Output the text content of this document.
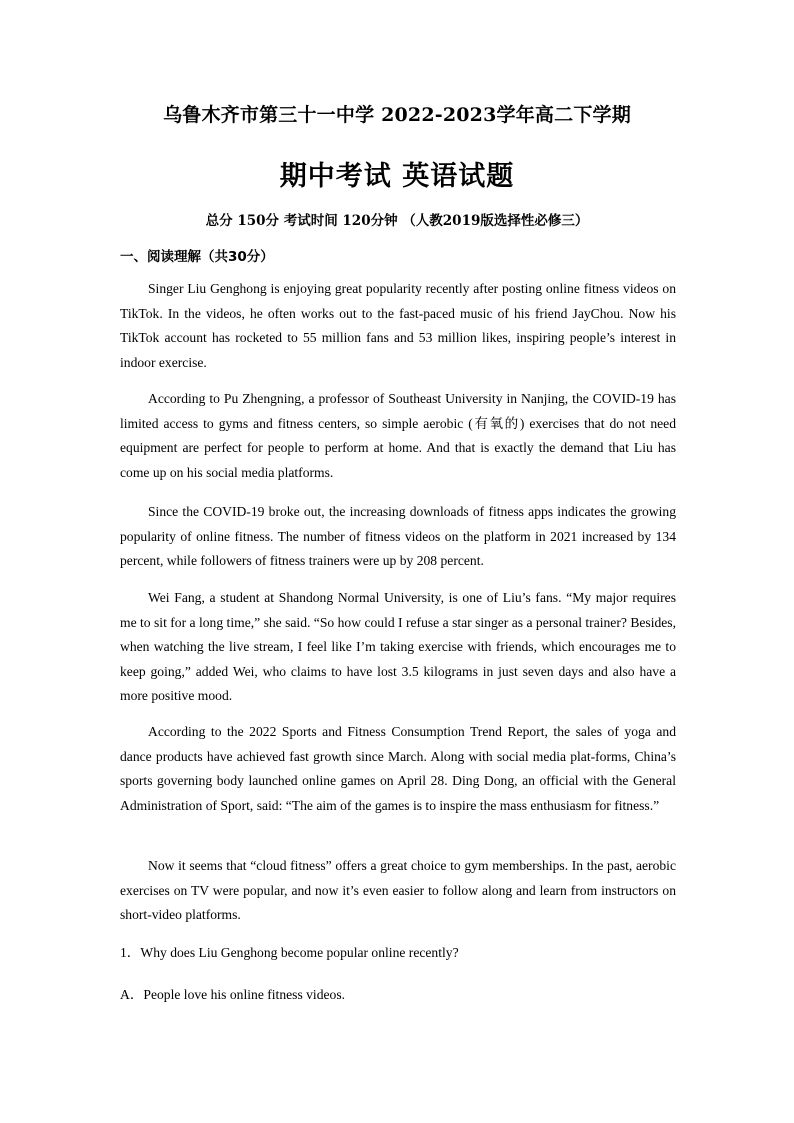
乌鲁木齐市第三十一中学 2022-2023学年高二下学期
期中考试 英语试题
总分 150分 考试时间 120分钟 （人教2019版选择性必修三）
一、阅读理解（共30分）
Singer Liu Genghong is enjoying great popularity recently after posting online fitness videos on TikTok. In the videos, he often works out to the fast-paced music of his friend JayChou. Now his TikTok account has rocketed to 55 million fans and 53 million likes, inspiring people’s interest in indoor exercise.
According to Pu Zhengning, a professor of Southeast University in Nanjing, the COVID-19 has limited access to gyms and fitness centers, so simple aerobic (有氧的) exercises that do not need equipment are perfect for people to perform at home. And that is exactly the demand that Liu has come up on his social media platforms.
Since the COVID-19 broke out, the increasing downloads of fitness apps indicates the growing popularity of online fitness. The number of fitness videos on the platform in 2021 increased by 134 percent, while followers of fitness trainers were up by 208 percent.
Wei Fang, a student at Shandong Normal University, is one of Liu’s fans. “My major requires me to sit for a long time,” she said. “So how could I refuse a star singer as a personal trainer? Besides, when watching the live stream, I feel like I’m taking exercise with friends, which encourages me to keep going,” added Wei, who claims to have lost 3.5 kilograms in just seven days and also have a more positive mood.
According to the 2022 Sports and Fitness Consumption Trend Report, the sales of yoga and dance products have achieved fast growth since March. Along with social media plat-forms, China’s sports governing body launched online games on April 28. Ding Dong, an official with the General Administration of Sport, said: “The aim of the games is to inspire the mass enthusiasm for fitness.”
Now it seems that “cloud fitness” offers a great choice to gym memberships. In the past, aerobic exercises on TV were popular, and now it’s even easier to follow along and learn from instructors on short-video platforms.
1．Why does Liu Genghong become popular online recently?
A．People love his online fitness videos.
